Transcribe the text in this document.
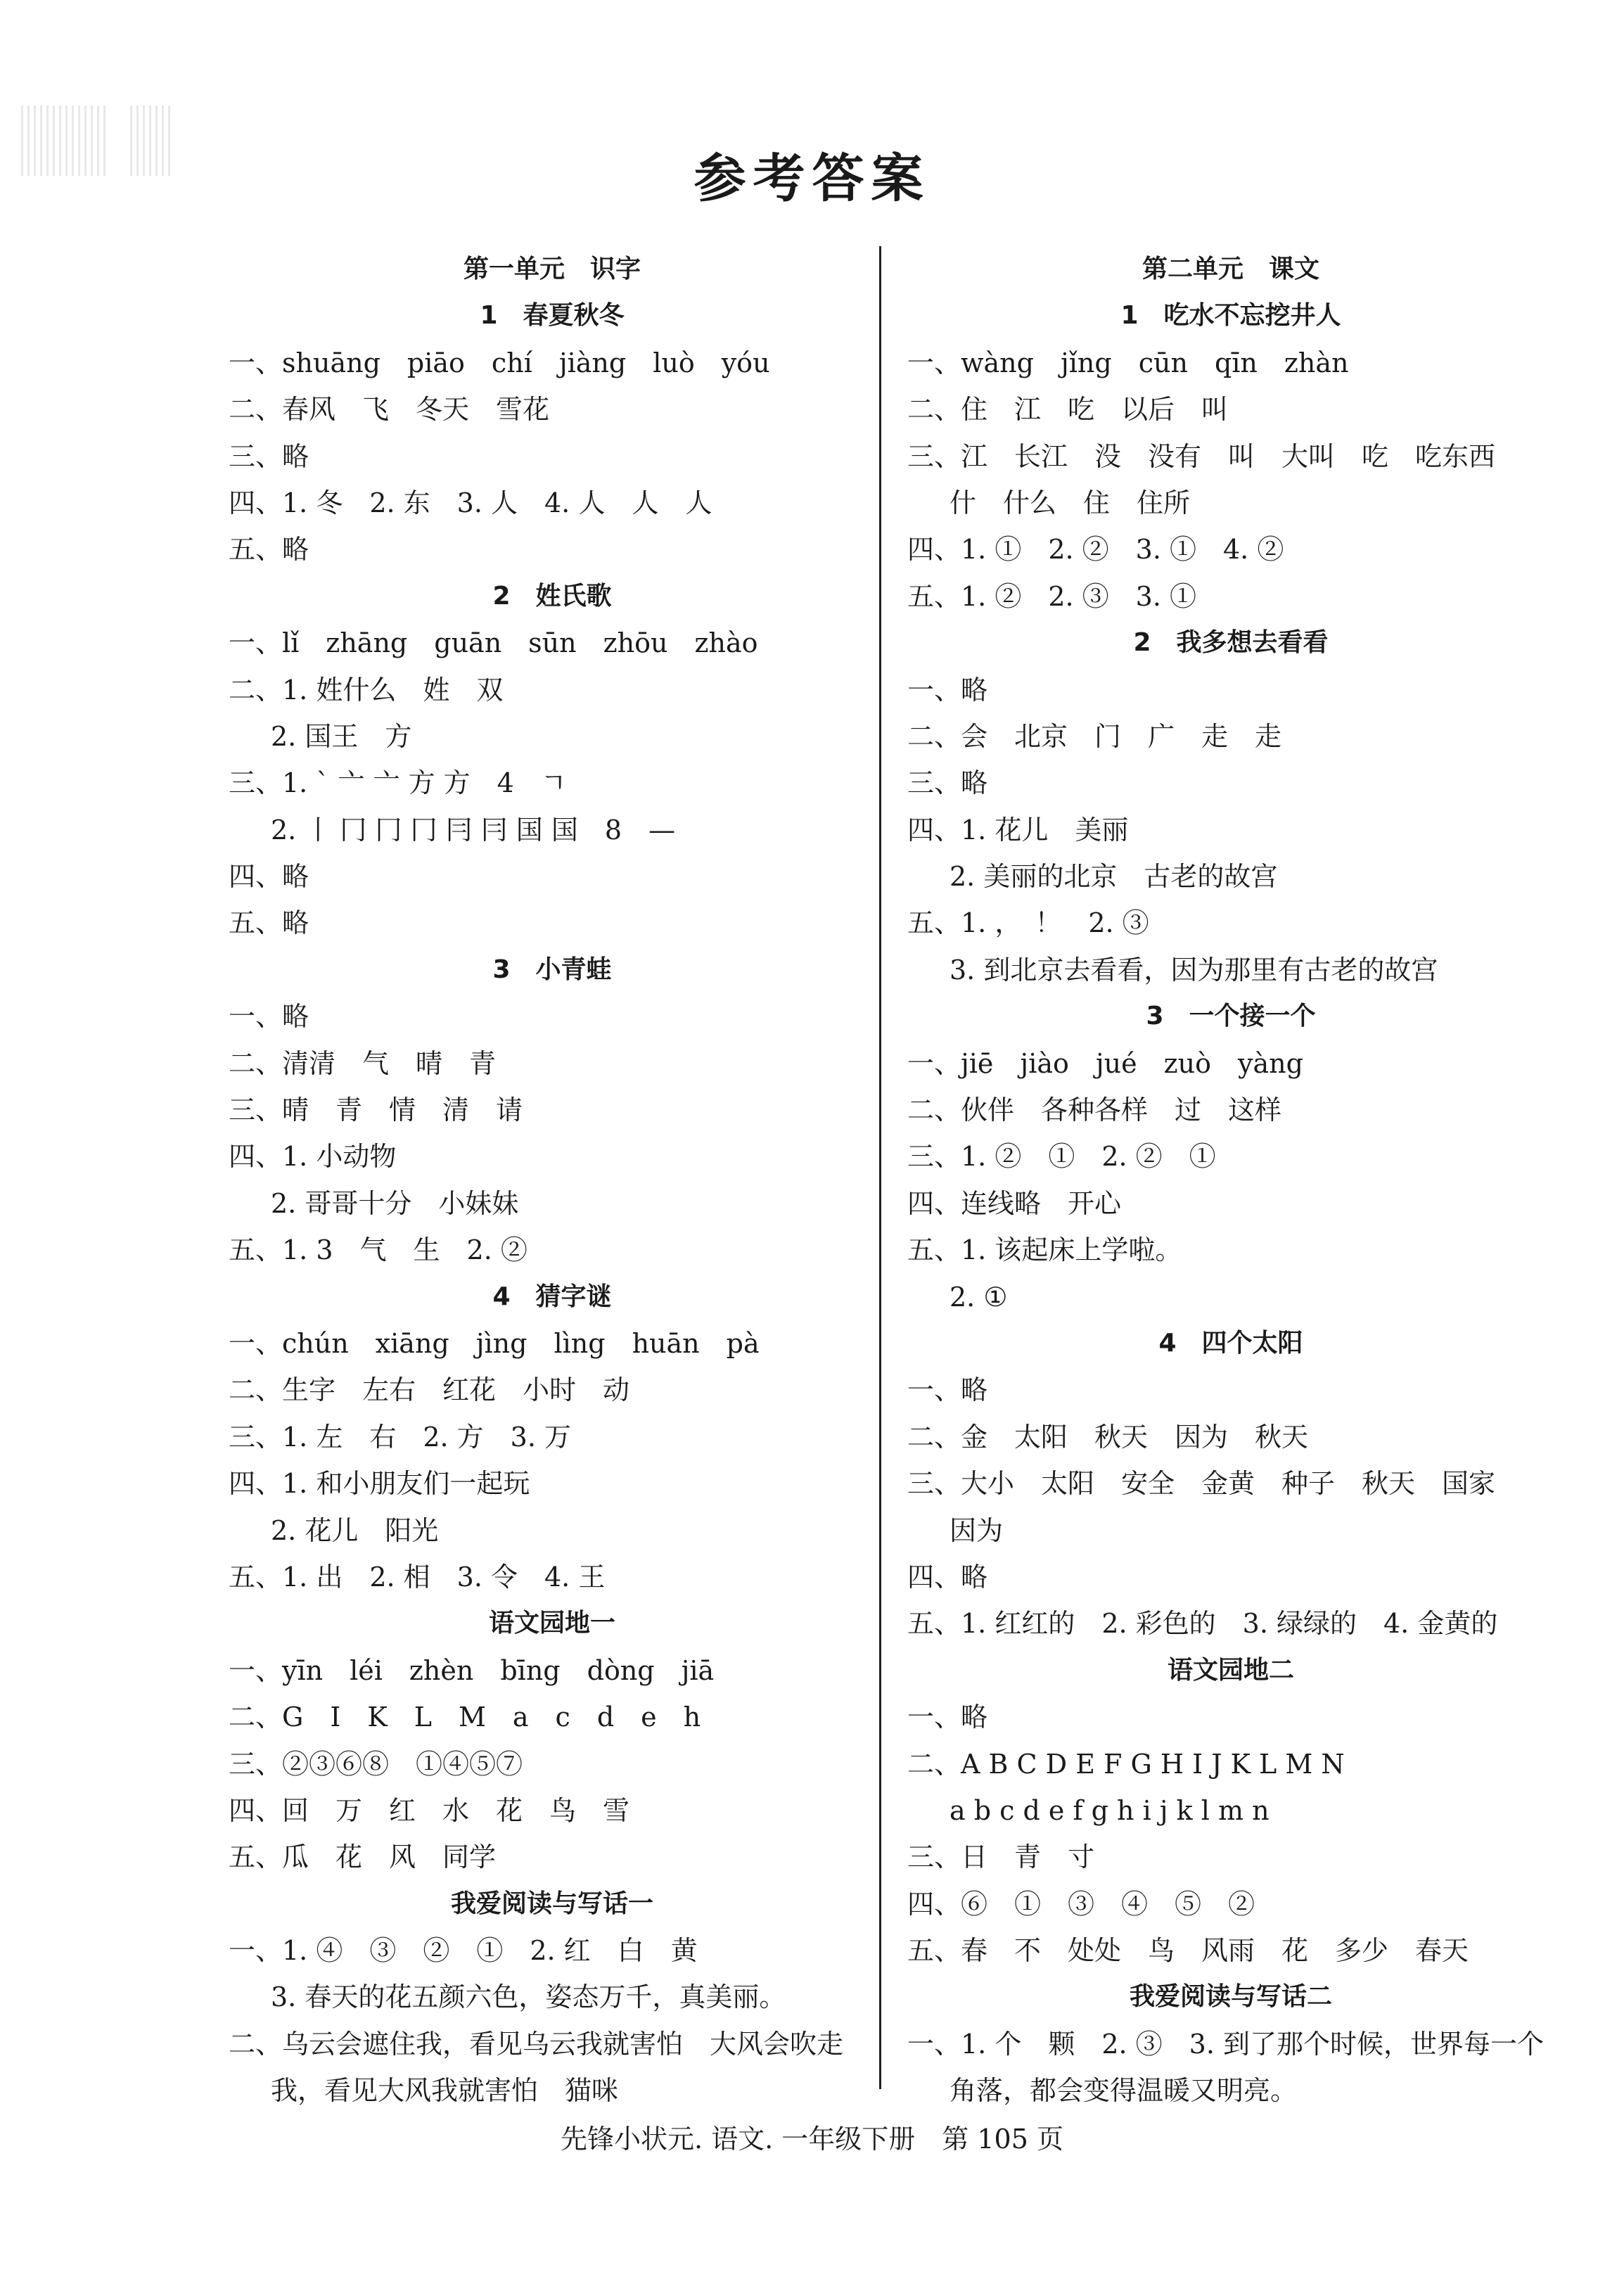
参考答案
第一单元　识字
1　春夏秋冬
一、shuāng　piāo　chí　jiàng　luò　yóu
二、春风　飞　冬天　雪花
三、略
四、1. 冬　2. 东　3. 人　4. 人　人　人
五、略
2　姓氏歌
一、lǐ　zhāng　guān　sūn　zhōu　zhào
二、1. 姓什么　姓　双
2. 国王　方
三、1. ˋ 亠 亠 方 方　4　ㄱ
2. 丨 冂 冂 冂 冃 冃 国 国　8　—
四、略
五、略
3　小青蛙
一、略
二、清清　气　晴　青
三、晴　青　情　清　请
四、1. 小动物
2. 哥哥十分　小妹妹
五、1. 3　气　生　2. ②
4　猜字谜
一、chún　xiāng　jìng　lìng　huān　pà
二、生字　左右　红花　小时　动
三、1. 左　右　2. 方　3. 万
四、1. 和小朋友们一起玩
2. 花儿　阳光
五、1. 出　2. 相　3. 令　4. 王
语文园地一
一、yīn　léi　zhèn　bīng　dòng　jiā
二、G　I　K　L　M　a　c　d　e　h
三、②③⑥⑧　①④⑤⑦
四、回　万　红　水　花　鸟　雪
五、瓜　花　风　同学
我爱阅读与写话一
一、1. ④　③　②　①　2. 红　白　黄
3. 春天的花五颜六色，姿态万千，真美丽。
二、乌云会遮住我，看见乌云我就害怕　大风会吹走
我，看见大风我就害怕　猫咪
第二单元　课文
1　吃水不忘挖井人
一、wàng　jǐng　cūn　qīn　zhàn
二、住　江　吃　以后　叫
三、江　长江　没　没有　叫　大叫　吃　吃东西
什　什么　住　住所
四、1. ①　2. ②　3. ①　4. ②
五、1. ②　2. ③　3. ①
2　我多想去看看
一、略
二、会　北京　门　广　走　走
三、略
四、1. 花儿　美丽
2. 美丽的北京　古老的故宫
五、1. ，　！　2. ③
3. 到北京去看看，因为那里有古老的故宫
3　一个接一个
一、jiē　jiào　jué　zuò　yàng
二、伙伴　各种各样　过　这样
三、1. ②　①　2. ②　①
四、连线略　开心
五、1. 该起床上学啦。
2. ①
4　四个太阳
一、略
二、金　太阳　秋天　因为　秋天
三、大小　太阳　安全　金黄　种子　秋天　国家
因为
四、略
五、1. 红红的　2. 彩色的　3. 绿绿的　4. 金黄的
语文园地二
一、略
二、A B C D E F G H I J K L M N
a b c d e f g h i j k l m n
三、日　青　寸
四、⑥　①　③　④　⑤　②
五、春　不　处处　鸟　风雨　花　多少　春天
我爱阅读与写话二
一、1. 个　颗　2. ③　3. 到了那个时候，世界每一个
角落，都会变得温暖又明亮。
先锋小状元. 语文. 一年级下册　第 105 页
